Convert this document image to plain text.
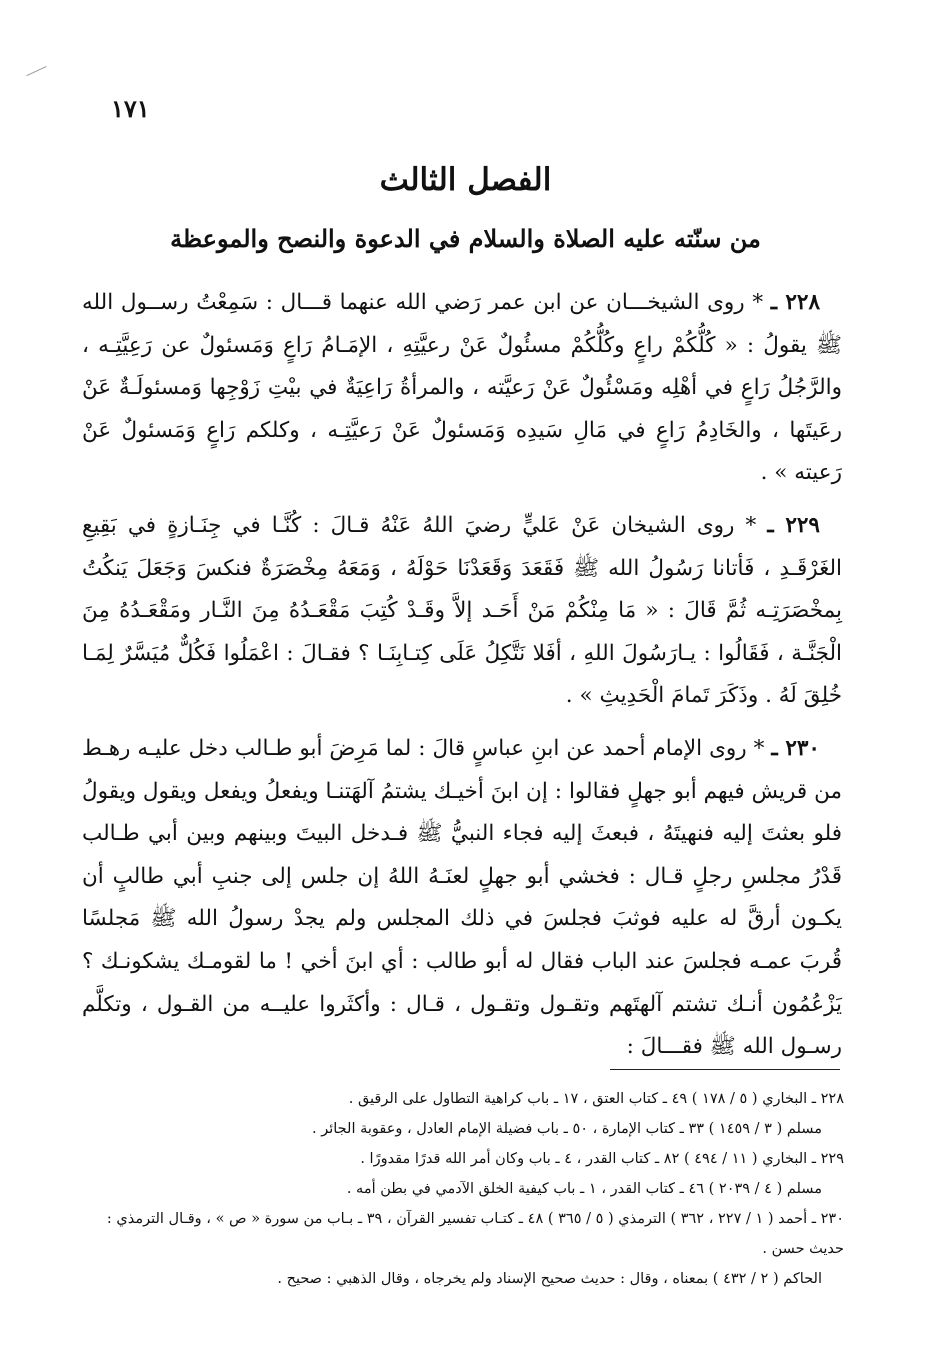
١٧١
الفصل الثالث
من سنّته عليه الصلاة والسلام في الدعوة والنصح والموعظة

٢٢٨ ـ * روى الشيخـــان عن ابن عمر رَضي الله عنهما قـــال : سَمِعْتُ رســول الله ﷺ يقولُ : « كُلُّكُمْ راعٍ وكُلُّكُمْ مسئُولٌ عَنْ رعيَّتِهِ ، الإمَـامُ رَاعٍ وَمَسئولٌ عن رَعِيَّتِـه ، والرَّجُلُ رَاعٍ في أهْلِه ومَسْئُولٌ عَنْ رَعيَّته ، والمرأةُ رَاعِيَةٌ في بيْتِ زَوْجِها وَمسئولَـةٌ عَنْ رعَيتَها ، والخَادِمُ رَاعٍ في مَالِ سَيدِه وَمَسئولٌ عَنْ رَعيَّتِـه ، وكلكم رَاعٍ وَمَسئولٌ عَنْ رَعيته » .

٢٢٩ ـ * روى الشيخان عَنْ عَليٍّ رضيَ اللهُ عَنْهُ قـالَ : كُنَّـا في جِنَـازةٍ في بَقِيعِ الغَرْقَـدِ ، فَأتانا رَسُولُ الله ﷺ فَقَعَدَ وَقَعَدْنَا حَوْلَهُ ، وَمَعَهُ مِخْصَرَةٌ فنكسَ وَجَعَلَ يَنكُتُ بِمخْصَرَتِـه ثُمَّ قَالَ : « مَا مِنْكُمْ مَنْ أَحَـد إلاَّ وقَـدْ كُتِبَ مَقْعَـدُهُ مِنَ النَّـار ومَقْعَـدُهُ مِنَ الْجَنَّـة ، فَقَالُوا : يـارَسُولَ اللهِ ، أفَلا نَتَّكِلُ عَلَى كِتـابِنَـا ؟ فقـالَ : اعْمَلُوا فَكُلٌّ مُيَسَّرٌ لِمَـا خُلِقَ لَهُ . وذَكَرَ تَمامَ الْحَدِيثِ » .

٢٣٠ ـ * روى الإمام أحمد عن ابنِ عباسٍ قالَ : لما مَرِضَ أبو طـالب دخل عليـه رهـط من قريش فيهم أبو جهلٍ فقالوا : إن ابنَ أخيـك يشتمُ آلهَتنـا ويفعلُ ويفعل ويقول ويقولُ فلو بعثتَ إليه فنهيتَهُ ، فبعثَ إليه فجاء النبيُّ ﷺ فـدخل البيتَ وبينهم وبين أبي طـالب قَدْرُ مجلسِ رجلٍ قـال : فخشي أبو جهلٍ لعنَـهُ اللهُ إن جلس إلى جنبِ أبي طالبٍ أن يكـون أرقَّ له عليه فوثبَ فجلسَ في ذلك المجلس ولم يجدْ رسولُ الله ﷺ مَجلسًا قُربَ عمـه فجلسَ عند الباب فقال له أبو طالب : أي ابنَ أخي ! ما لقومـك يشكونـك ؟ يَزْعُمُون أنـك تشتم آلهتَهم وتقـول وتقـول ، قـال : وأكثَروا عليــه من القـول ، وتكلَّم رسـول الله ﷺ فقـــالَ :

٢٢٨ ـ البخاري ( ٥ / ١٧٨ ) ٤٩ ـ كتاب العتق ، ١٧ ـ باب كراهية التطاول على الرقيق .

مسلم ( ٣ / ١٤٥٩ ) ٣٣ ـ كتاب الإمارة ، ٥٠ ـ باب فضيلة الإمام العادل ، وعقوبة الجائر .

٢٢٩ ـ البخاري ( ١١ / ٤٩٤ ) ٨٢ ـ كتاب القدر ، ٤ ـ باب وكان أمر الله قدرًا مقدورًا .

مسلم ( ٤ / ٢٠٣٩ ) ٤٦ ـ كتاب القدر ، ١ ـ باب كيفية الخلق الآدمي في بطن أمه .

٢٣٠ ـ أحمد ( ١ / ٢٢٧ ، ٣٦٢ ) الترمذي ( ٥ / ٣٦٥ ) ٤٨ ـ كتـاب تفسير القرآن ، ٣٩ ـ بـاب من سورة « ص » ، وقـال الترمذي : حديث حسن .

الحاكم ( ٢ / ٤٣٢ ) بمعناه ، وقال : حديث صحيح الإسناد ولم يخرجاه ، وقال الذهبي : صحيح .
